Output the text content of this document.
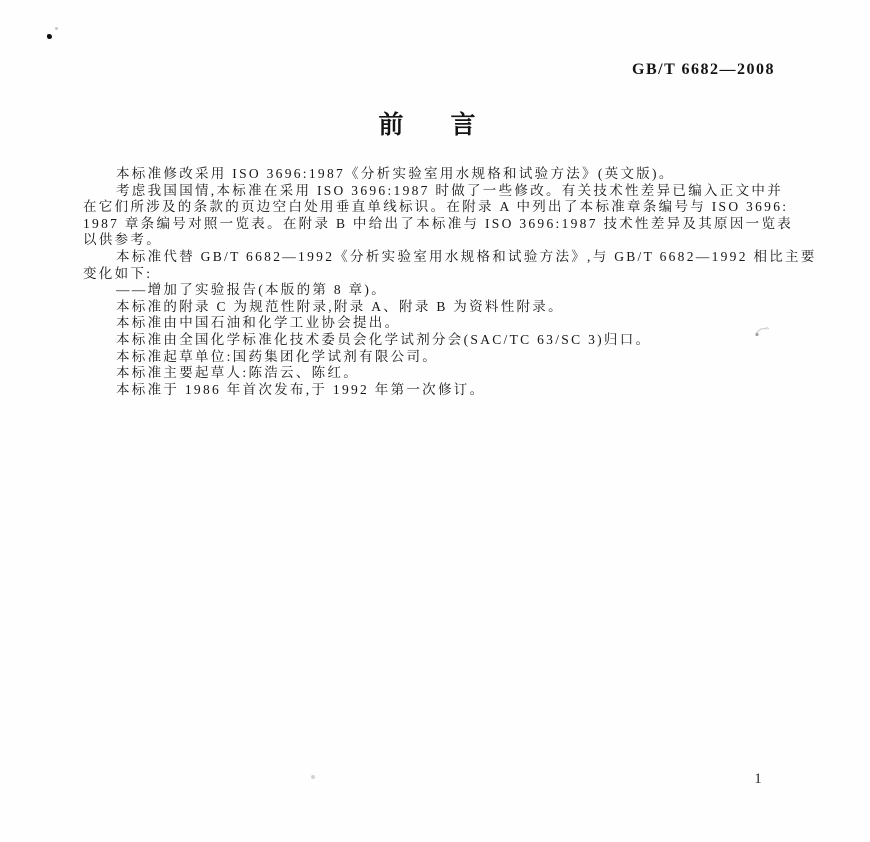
GB/T 6682—2008
前 言
本标准修改采用 ISO 3696:1987《分析实验室用水规格和试验方法》(英文版)。
考虑我国国情,本标准在采用 ISO 3696:1987 时做了一些修改。有关技术性差异已编入正文中并
在它们所涉及的条款的页边空白处用垂直单线标识。在附录 A 中列出了本标准章条编号与 ISO 3696:
1987 章条编号对照一览表。在附录 B 中给出了本标准与 ISO 3696:1987 技术性差异及其原因一览表
以供参考。
本标准代替 GB/T 6682—1992《分析实验室用水规格和试验方法》,与 GB/T 6682—1992 相比主要
变化如下:
——增加了实验报告(本版的第 8 章)。
本标准的附录 C 为规范性附录,附录 A、附录 B 为资料性附录。
本标准由中国石油和化学工业协会提出。
本标准由全国化学标准化技术委员会化学试剂分会(SAC/TC 63/SC 3)归口。
本标准起草单位:国药集团化学试剂有限公司。
本标准主要起草人:陈浩云、陈红。
本标准于 1986 年首次发布,于 1992 年第一次修订。
1
